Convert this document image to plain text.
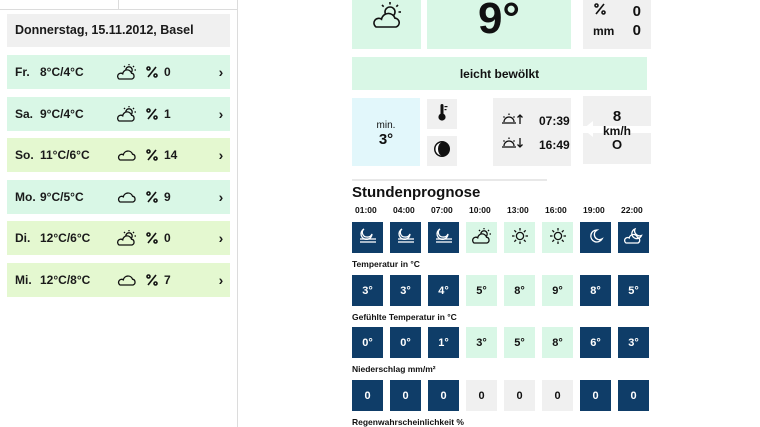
Donnerstag, 15.11.2012, Basel
Fr. 8°C/4°C	0	›
Sa. 9°C/4°C	1	›
So. 11°C/6°C	14	›
Mo. 9°C/5°C	9	›
Di. 12°C/6°C	0	›
Mi. 12°C/8°C	7	›
9°	0
mm 0
leicht bewölkt
min.
3°
07:39
16:49
8
km/h
O
Stundenprognose
01:00	04:00	07:00	10:00	13:00	16:00	19:00	22:00
Temperatur in °C
3°	3°	4°	5°	8°	9°	8°	5°
Gefühlte Temperatur in °C
0°	0°	1°	3°	5°	8°	6°	3°
Niederschlag mm/m²
0	0	0	0	0	0	0	0
Regenwahrscheinlichkeit %
